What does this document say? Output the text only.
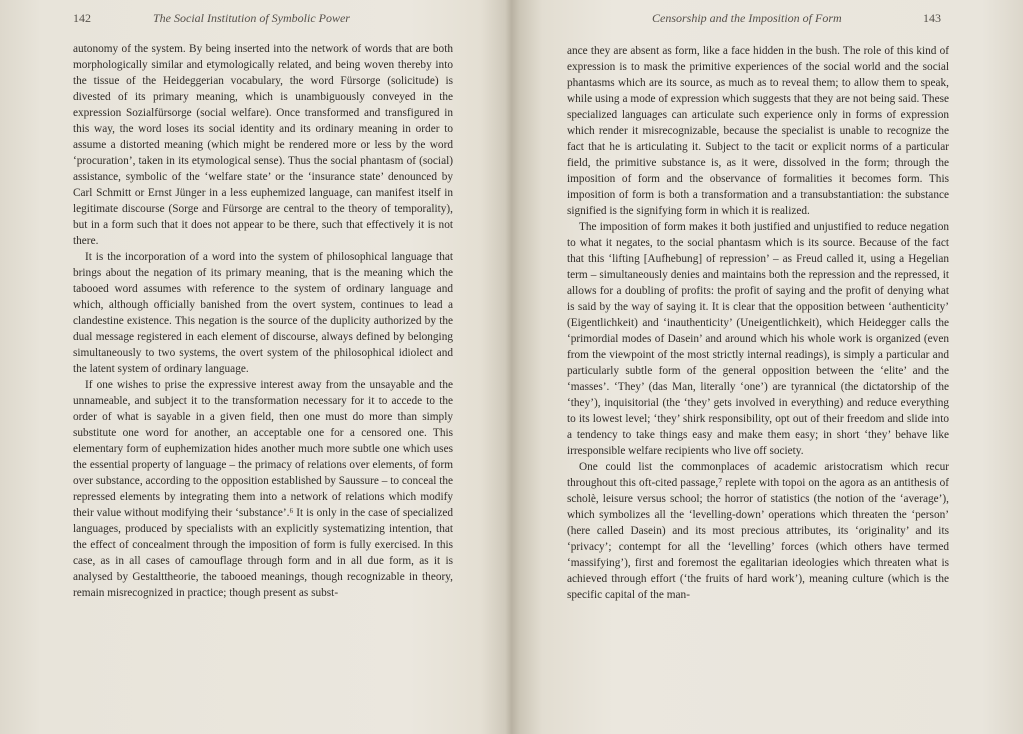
142	The Social Institution of Symbolic Power

autonomy of the system. By being inserted into the network of words that are both morphologically similar and etymologically related, and being woven thereby into the tissue of the Heideggerian vocabulary, the word Fürsorge (solicitude) is divested of its primary meaning, which is unambiguously conveyed in the expression Sozialfürsorge (social welfare). Once transformed and transfigured in this way, the word loses its social identity and its ordinary meaning in order to assume a distorted meaning (which might be rendered more or less by the word ‘procuration’, taken in its etymological sense). Thus the social phantasm of (social) assistance, symbolic of the ‘welfare state’ or the ‘insurance state’ denounced by Carl Schmitt or Ernst Jünger in a less euphemized language, can manifest itself in legitimate discourse (Sorge and Fürsorge are central to the theory of temporality), but in a form such that it does not appear to be there, such that effectively it is not there.

It is the incorporation of a word into the system of philosophical language that brings about the negation of its primary meaning, that is the meaning which the tabooed word assumes with reference to the system of ordinary language and which, although officially banished from the overt system, continues to lead a clandestine existence. This negation is the source of the duplicity authorized by the dual message registered in each element of discourse, always defined by belonging simultaneously to two systems, the overt system of the philosophical idiolect and the latent system of ordinary language.

If one wishes to prise the expressive interest away from the unsayable and the unnameable, and subject it to the transformation necessary for it to accede to the order of what is sayable in a given field, then one must do more than simply substitute one word for another, an acceptable one for a censored one. This elementary form of euphemization hides another much more subtle one which uses the essential property of language – the primacy of relations over elements, of form over substance, according to the opposition established by Saussure – to conceal the repressed elements by integrating them into a network of relations which modify their value without modifying their ‘substance’.⁶ It is only in the case of specialized languages, produced by specialists with an explicitly systematizing intention, that the effect of concealment through the imposition of form is fully exercised. In this case, as in all cases of camouflage through form and in all due form, as it is analysed by Gestalttheorie, the tabooed meanings, though recognizable in theory, remain misrecognized in practice; though present as subst-

Censorship and the Imposition of Form	143

ance they are absent as form, like a face hidden in the bush. The role of this kind of expression is to mask the primitive experiences of the social world and the social phantasms which are its source, as much as to reveal them; to allow them to speak, while using a mode of expression which suggests that they are not being said. These specialized languages can articulate such experience only in forms of expression which render it misrecognizable, because the specialist is unable to recognize the fact that he is articulating it. Subject to the tacit or explicit norms of a particular field, the primitive substance is, as it were, dissolved in the form; through the imposition of form and the observance of formalities it becomes form. This imposition of form is both a transformation and a transubstantiation: the substance signified is the signifying form in which it is realized.

The imposition of form makes it both justified and unjustified to reduce negation to what it negates, to the social phantasm which is its source. Because of the fact that this ‘lifting [Aufhebung] of repression’ – as Freud called it, using a Hegelian term – simultaneously denies and maintains both the repression and the repressed, it allows for a doubling of profits: the profit of saying and the profit of denying what is said by the way of saying it. It is clear that the opposition between ‘authenticity’ (Eigentlichkeit) and ‘inauthenticity’ (Uneigentlichkeit), which Heidegger calls the ‘primordial modes of Dasein’ and around which his whole work is organized (even from the viewpoint of the most strictly internal readings), is simply a particular and particularly subtle form of the general opposition between the ‘elite’ and the ‘masses’. ‘They’ (das Man, literally ‘one’) are tyrannical (the dictatorship of the ‘they’), inquisitorial (the ‘they’ gets involved in everything) and reduce everything to its lowest level; ‘they’ shirk responsibility, opt out of their freedom and slide into a tendency to take things easy and make them easy; in short ‘they’ behave like irresponsible welfare recipients who live off society.

One could list the commonplaces of academic aristocratism which recur throughout this oft-cited passage,⁷ replete with topoi on the agora as an antithesis of scholè, leisure versus school; the horror of statistics (the notion of the ‘average’), which symbolizes all the ‘levelling-down’ operations which threaten the ‘person’ (here called Dasein) and its most precious attributes, its ‘originality’ and its ‘privacy’; contempt for all the ‘levelling’ forces (which others have termed ‘massifying’), first and foremost the egalitarian ideologies which threaten what is achieved through effort (‘the fruits of hard work’), meaning culture (which is the specific capital of the man-
